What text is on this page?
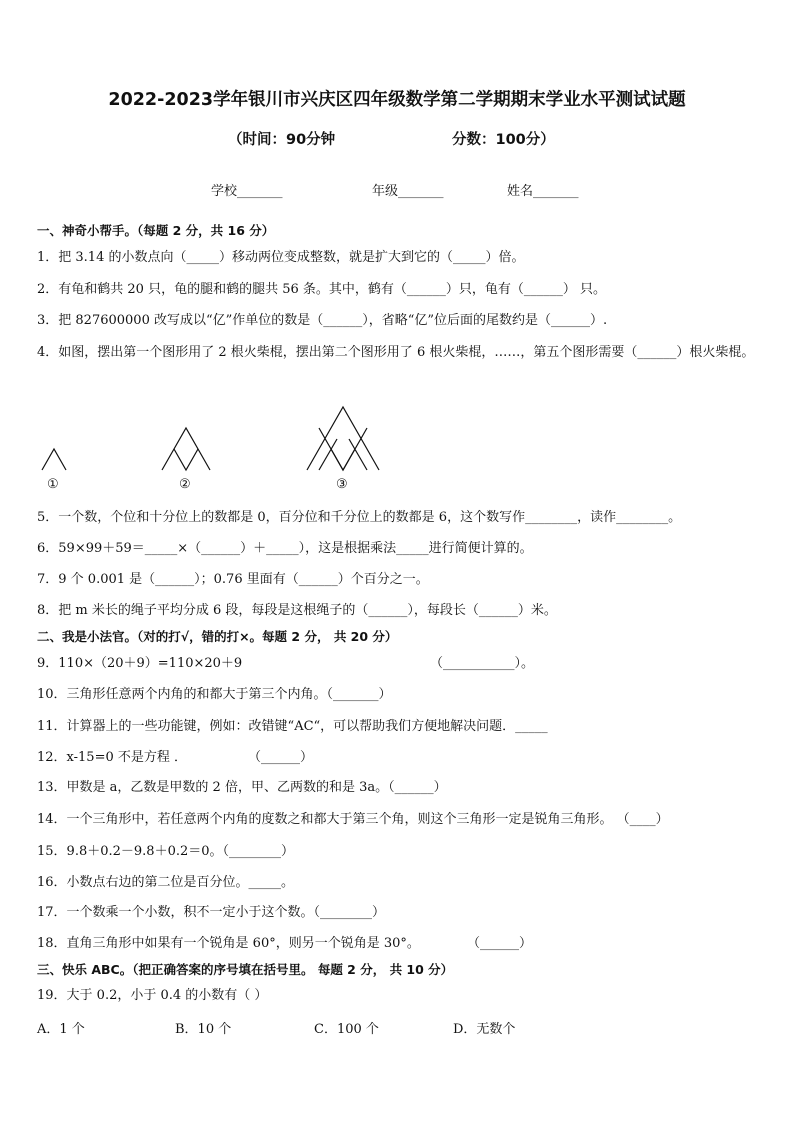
2022-2023学年银川市兴庆区四年级数学第二学期期末学业水平测试试题
（时间：90分钟	分数：100分）
学校_______	年级_______	姓名_______
一、神奇小帮手。（每题 2 分，共 16 分）
1．把 3.14 的小数点向（_____）移动两位变成整数，就是扩大到它的（_____）倍。
2．有龟和鹤共 20 只，龟的腿和鹤的腿共 56 条。其中，鹤有（______）只，龟有（______） 只。
3．把 827600000 改写成以“亿”作单位的数是（______），省略“亿”位后面的尾数约是（______）.
4．如图，摆出第一个图形用了 2 根火柴棍，摆出第二个图形用了 6 根火柴棍，……，第五个图形需要（______）根火柴棍。
①	②	③
5．一个数，个位和十分位上的数都是 0，百分位和千分位上的数都是 6，这个数写作________，读作________。
6．59×99＋59＝_____×（______）＋_____），这是根据乘法_____进行简便计算的。
7．9 个 0.001 是（______）；0.76 里面有（______）个百分之一。
8．把 m 米长的绳子平均分成 6 段，每段是这根绳子的（______），每段长（______）米。
二、我是小法官。（对的打√，错的打×。每题 2 分， 共 20 分）
9．110×（20＋9）=110×20＋9	（___________）。
10．三角形任意两个内角的和都大于第三个内角。（_______）
11．计算器上的一些功能键，例如：改错键“AC“，可以帮助我们方便地解决问题．_____
12．x-15=0 不是方程 ．	（______）
13．甲数是 a，乙数是甲数的 2 倍，甲、乙两数的和是 3a。（______）
14．一个三角形中，若任意两个内角的度数之和都大于第三个角，则这个三角形一定是锐角三角形。 （____）
15．9.8＋0.2－9.8＋0.2＝0。（________）
16．小数点右边的第二位是百分位。_____。
17．一个数乘一个小数，积不一定小于这个数。（________）
18．直角三角形中如果有一个锐角是 60°，则另一个锐角是 30°。	（______）
三、快乐 ABC。（把正确答案的序号填在括号里。 每题 2 分， 共 10 分）
19．大于 0.2，小于 0.4 的小数有（ ）
A．1 个	B．10 个	C．100 个	D．无数个
